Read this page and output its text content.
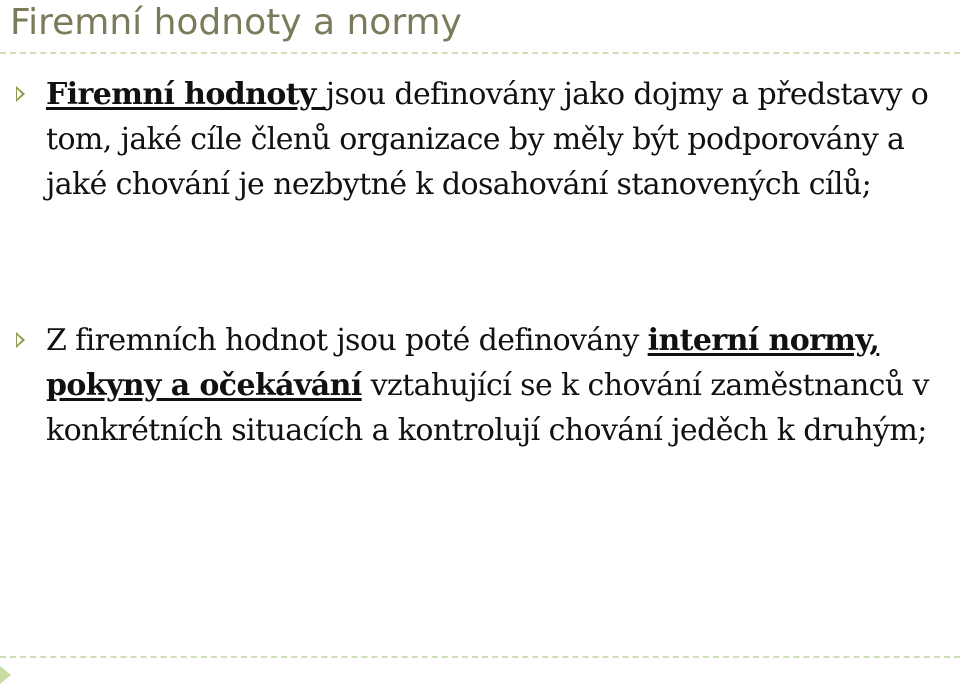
Firemní hodnoty a normy
Firemní hodnoty jsou definovány jako dojmy a představy o tom, jaké cíle členů organizace by měly být podporovány a jaké chování je nezbytné k dosahování stanovených cílů;
Z firemních hodnot jsou poté definovány interní normy, pokyny a očekávání vztahující se k chování zaměstnanců v konkrétních situacích a kontrolují chování jeděch k druhým;
